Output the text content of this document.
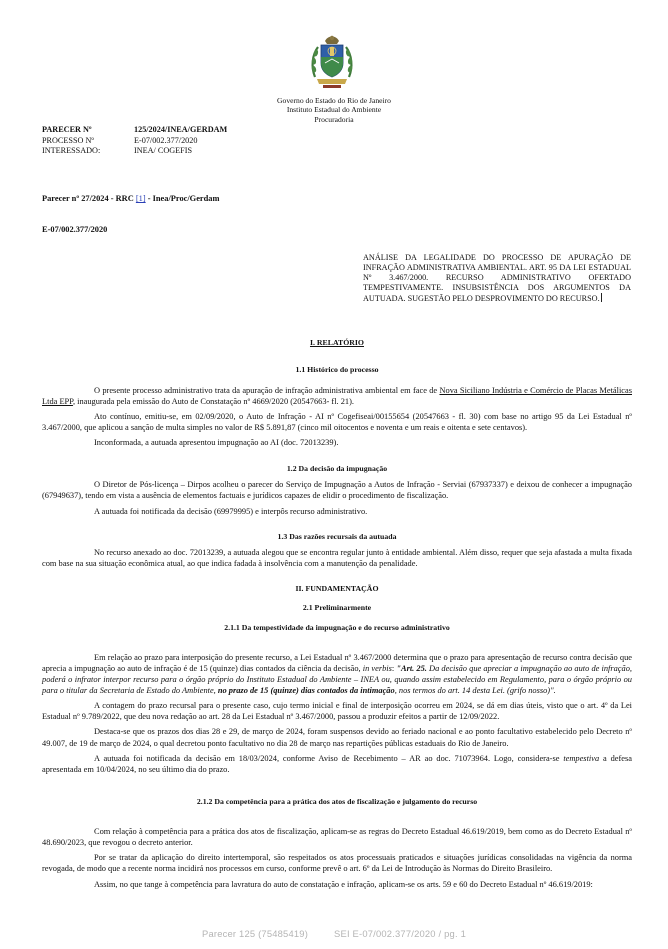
Governo do Estado do Rio de Janeiro
Instituto Estadual do Ambiente
Procuradoria
PARECER Nº	125/2024/INEA/GERDAM
PROCESSO Nº	E-07/002.377/2020
INTERESSADO:	INEA/ COGEFIS
Parecer nº 27/2024 - RRC [1] - Inea/Proc/Gerdam
E-07/002.377/2020
ANÁLISE DA LEGALIDADE DO PROCESSO DE APURAÇÃO DE INFRAÇÃO ADMINISTRATIVA AMBIENTAL. ART. 95 DA LEI ESTADUAL Nº 3.467/2000. RECURSO ADMINISTRATIVO OFERTADO TEMPESTIVAMENTE. INSUBSISTÊNCIA DOS ARGUMENTOS DA AUTUADA. SUGESTÃO PELO DESPROVIMENTO DO RECURSO.
I. RELATÓRIO
1.1 Histórico do processo

O presente processo administrativo trata da apuração de infração administrativa ambiental em face de Nova Siciliano Indústria e Comércio de Placas Metálicas Ltda EPP, inaugurada pela emissão do Auto de Constatação nº 4669/2020 (20547663- fl. 21).

Ato contínuo, emitiu-se, em 02/09/2020, o Auto de Infração - AI nº Cogefiseai/00155654 (20547663 - fl. 30) com base no artigo 95 da Lei Estadual nº 3.467/2000, que aplicou a sanção de multa simples no valor de R$ 5.891,87 (cinco mil oitocentos e noventa e um reais e oitenta e sete centavos).

Inconformada, a autuada apresentou impugnação ao AI (doc. 72013239).

1.2 Da decisão da impugnação

O Diretor de Pós-licença – Dirpos acolheu o parecer do Serviço de Impugnação a Autos de Infração - Serviai (67937337) e deixou de conhecer a impugnação (67949637), tendo em vista a ausência de elementos factuais e jurídicos capazes de elidir o procedimento de fiscalização.

A autuada foi notificada da decisão (69979995) e interpôs recurso administrativo.

1.3 Das razões recursais da autuada

No recurso anexado ao doc. 72013239, a autuada alegou que se encontra regular junto à entidade ambiental. Além disso, requer que seja afastada a multa fixada com base na sua situação econômica atual, ao que indica fadada à insolvência com a manutenção da penalidade.

II. FUNDAMENTAÇÃO
2.1 Preliminarmente
2.1.1 Da tempestividade da impugnação e do recurso administrativo

Em relação ao prazo para interposição do presente recurso, a Lei Estadual nº 3.467/2000 determina que o prazo para apresentação de recurso contra decisão que aprecia a impugnação ao auto de infração é de 15 (quinze) dias contados da ciência da decisão, in verbis: "Art. 25. Da decisão que apreciar a impugnação ao auto de infração, poderá o infrator interpor recurso para o órgão próprio do Instituto Estadual do Ambiente – INEA ou, quando assim estabelecido em Regulamento, para o órgão próprio ou para o titular da Secretaria de Estado do Ambiente, no prazo de 15 (quinze) dias contados da intimação, nos termos do art. 14 desta Lei. (grifo nosso)".

A contagem do prazo recursal para o presente caso, cujo termo inicial e final de interposição ocorreu em 2024, se dá em dias úteis, visto que o art. 4º da Lei Estadual nº 9.789/2022, que deu nova redação ao art. 28 da Lei Estadual nº 3.467/2000, passou a produzir efeitos a partir de 12/09/2022.

Destaca-se que os prazos dos dias 28 e 29, de março de 2024, foram suspensos devido ao feriado nacional e ao ponto facultativo estabelecido pelo Decreto nº 49.007, de 19 de março de 2024, o qual decretou ponto facultativo no dia 28 de março nas repartições públicas estaduais do Rio de Janeiro.

A autuada foi notificada da decisão em 18/03/2024, conforme Aviso de Recebimento – AR ao doc. 71073964. Logo, considera-se tempestiva a defesa apresentada em 10/04/2024, no seu último dia do prazo.

2.1.2 Da competência para a prática dos atos de fiscalização e julgamento do recurso

Com relação à competência para a prática dos atos de fiscalização, aplicam-se as regras do Decreto Estadual 46.619/2019, bem como as do Decreto Estadual nº 48.690/2023, que revogou o decreto anterior.

Por se tratar da aplicação do direito intertemporal, são respeitados os atos processuais praticados e situações jurídicas consolidadas na vigência da norma revogada, de modo que a recente norma incidirá nos processos em curso, conforme prevê o art. 6º da Lei de Introdução às Normas do Direito Brasileiro.

Assim, no que tange à competência para lavratura do auto de constatação e infração, aplicam-se os arts. 59 e 60 do Decreto Estadual nº 46.619/2019:

Parecer 125 (75485419)	SEI E-07/002.377/2020 / pg. 1
